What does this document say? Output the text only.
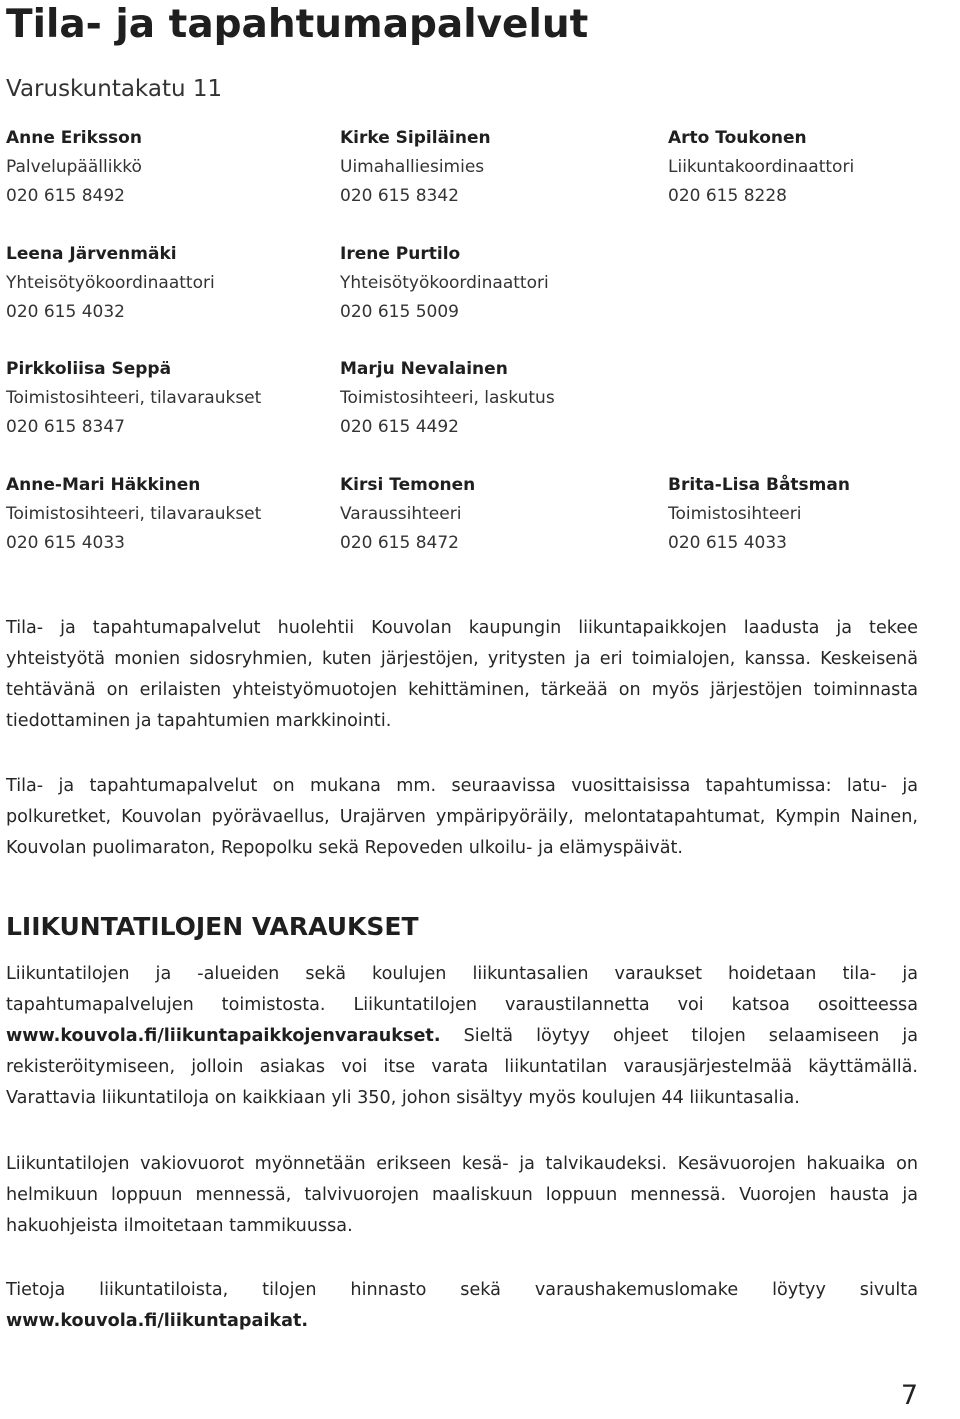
Tila- ja tapahtumapalvelut
Varuskuntakatu 11
Anne Eriksson
Palvelupäällikkö
020 615 8492
Kirke Sipiläinen
Uimahalliesimies
020 615 8342
Arto Toukonen
Liikuntakoordinaattori
020 615 8228
Leena Järvenmäki
Yhteisötyökoordinaattori
020 615 4032
Irene Purtilo
Yhteisötyökoordinaattori
020 615 5009
Pirkkoliisa Seppä
Toimistosihteeri, tilavaraukset
020 615 8347
Marju Nevalainen
Toimistosihteeri, laskutus
020 615 4492
Anne-Mari Häkkinen
Toimistosihteeri, tilavaraukset
020 615 4033
Kirsi Temonen
Varaussihteeri
020 615 8472
Brita-Lisa Båtsman
Toimistosihteeri
020 615 4033

Tila- ja tapahtumapalvelut huolehtii Kouvolan kaupungin liikuntapaikkojen laadusta ja tekee yhteistyötä monien sidosryhmien, kuten järjestöjen, yritysten ja eri toimialojen, kanssa. Keskeisenä tehtävänä on erilaisten yhteistyömuotojen kehittäminen, tärkeää on myös järjestöjen toiminnasta tiedottaminen ja tapahtumien markkinointi.

Tila- ja tapahtumapalvelut on mukana mm. seuraavissa vuosittaisissa tapahtumissa: latu- ja polkuretket, Kouvolan pyörävaellus, Urajärven ympäripyöräily, melontatapahtumat, Kympin Nainen, Kouvolan puolimaraton, Repopolku sekä Repoveden ulkoilu- ja elämyspäivät.

LIIKUNTATILOJEN VARAUKSET

Liikuntatilojen ja -alueiden sekä koulujen liikuntasalien varaukset hoidetaan tila- ja tapahtumapalvelujen toimistosta. Liikuntatilojen varaustilannetta voi katsoa osoitteessa www.kouvola.fi/liikuntapaikkojenvaraukset. Sieltä löytyy ohjeet tilojen selaamiseen ja rekisteröitymiseen, jolloin asiakas voi itse varata liikuntatilan varausjärjestelmää käyttämällä. Varattavia liikuntatiloja on kaikkiaan yli 350, johon sisältyy myös koulujen 44 liikuntasalia.

Liikuntatilojen vakiovuorot myönnetään erikseen kesä- ja talvikaudeksi. Kesävuorojen hakuaika on helmikuun loppuun mennessä, talvivuorojen maaliskuun loppuun mennessä. Vuorojen hausta ja hakuohjeista ilmoitetaan tammikuussa.

Tietoja liikuntatiloista, tilojen hinnasto sekä varaushakemuslomake löytyy sivulta www.kouvola.fi/liikuntapaikat.

7
